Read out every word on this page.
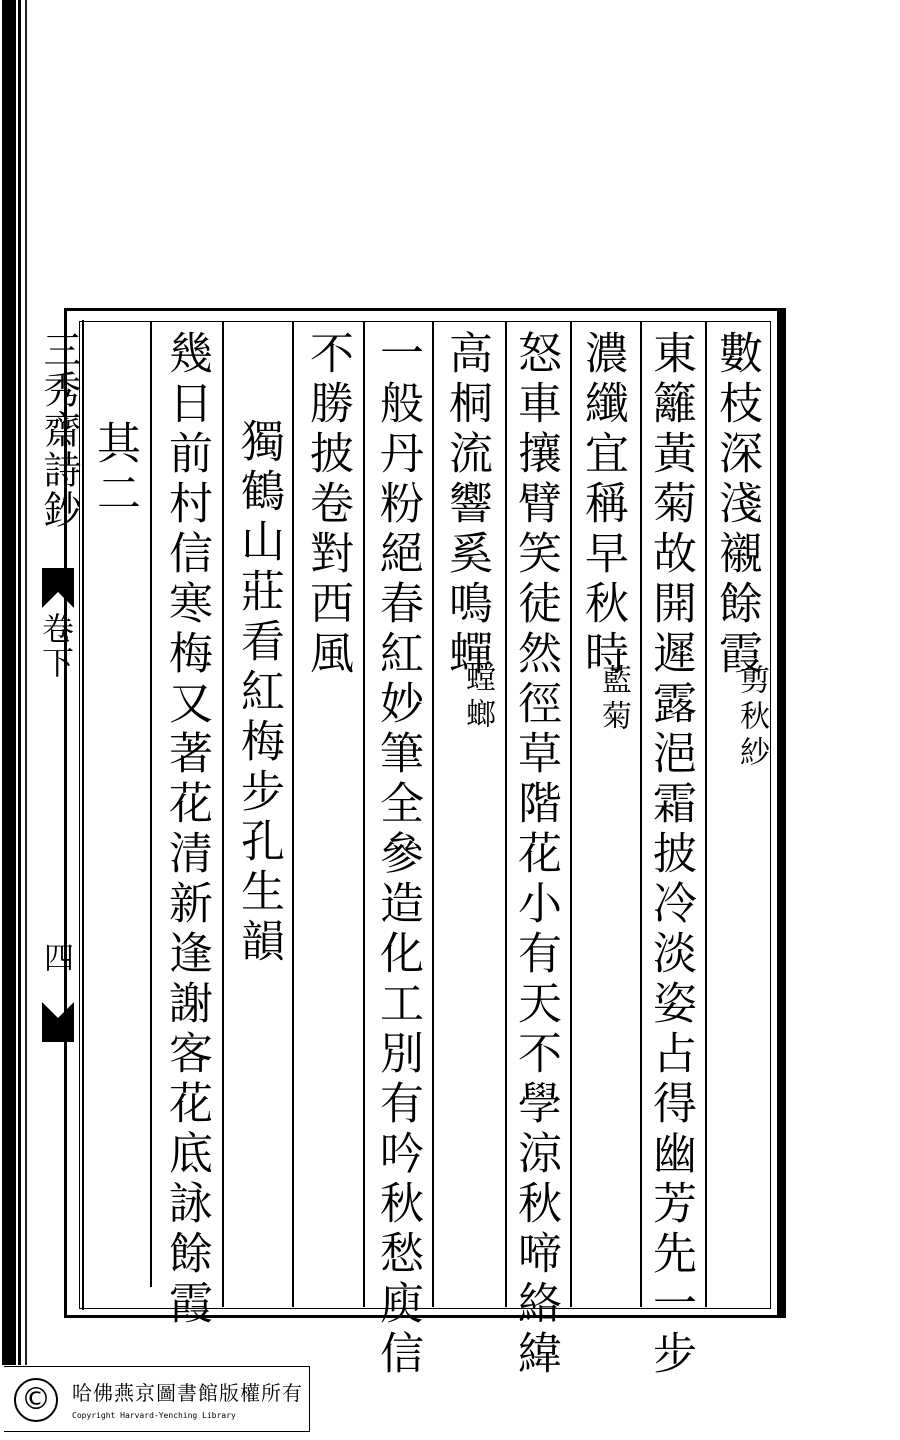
三秀齋詩鈔
卷下
四
數枝深淺襯餘霞
剪秋紗
東籬黃菊故開遲露浥霜披冷淡姿占得幽芳先一步
濃纖宜稱早秋時
藍菊
怒車攘臂笑徒然徑草階花小有天不學涼秋啼絡緯
高桐流響奚鳴蟬
螳螂
一般丹粉絕春紅妙筆全參造化工別有吟秋愁庾信
不勝披卷對西風
獨鶴山莊看紅梅步孔生韻
幾日前村信寒梅又著花清新逢謝客花底詠餘霞
其二
©	哈佛燕京圖書館版權所有
Copyright Harvard-Yenching Library
